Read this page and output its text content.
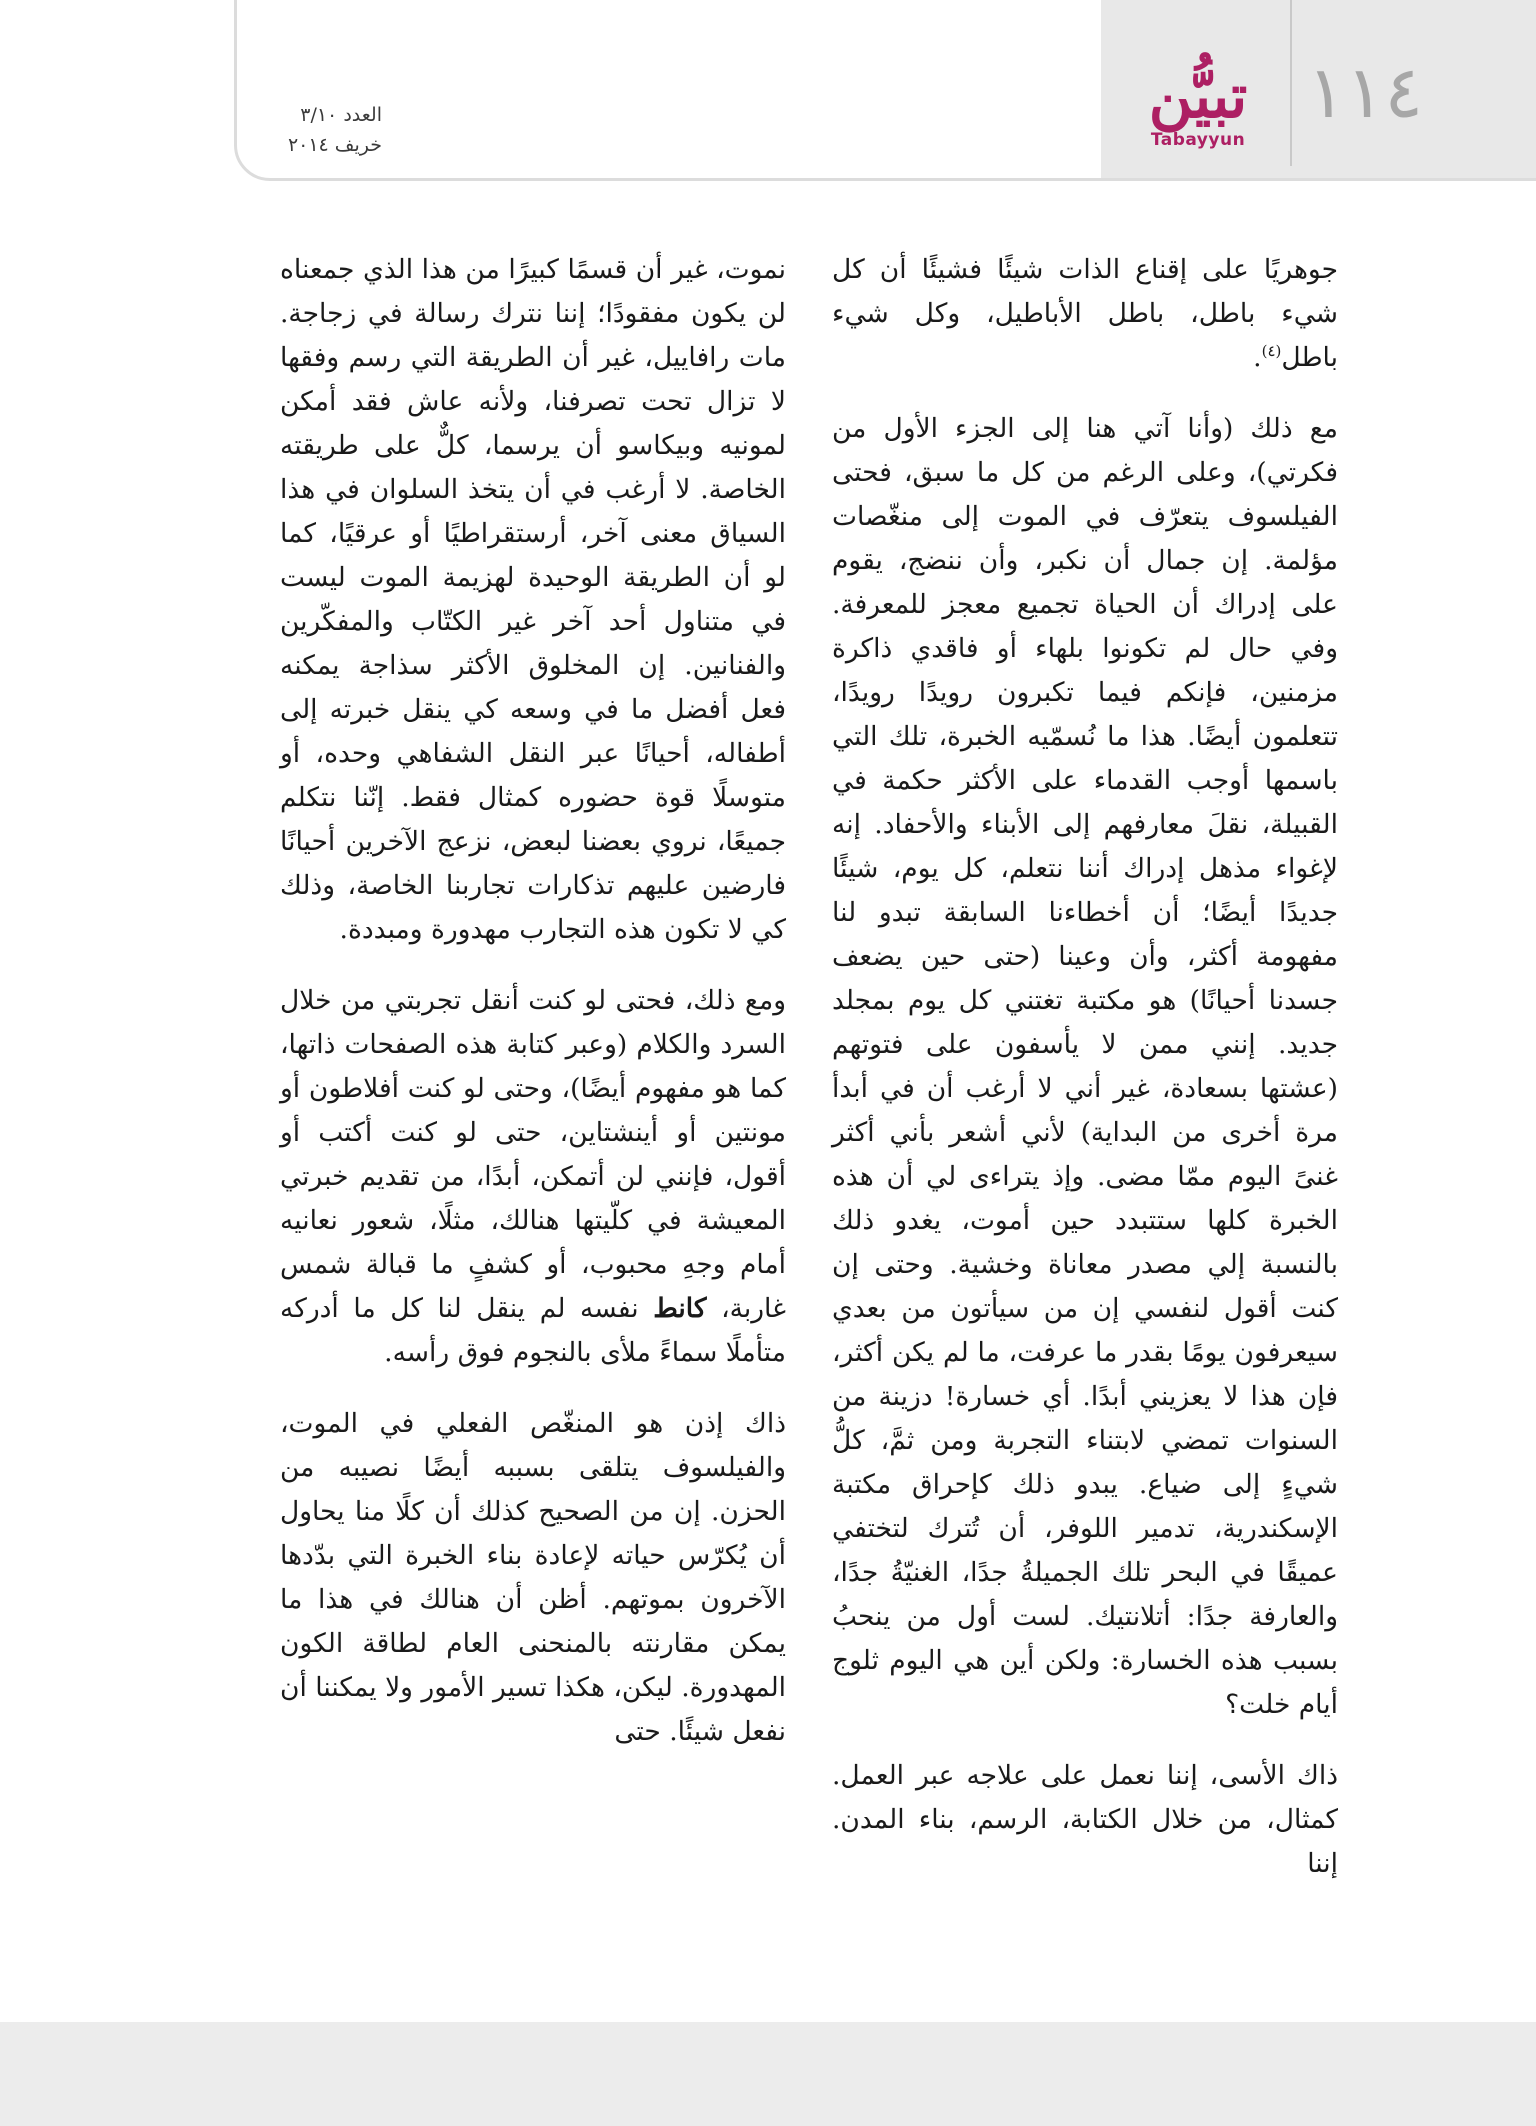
١١٤
تبيُّن
Tabayyun
العدد ٣/١٠
خريف ٢٠١٤

جوهريًا على إقناع الذات شيئًا فشيئًا أن كل شيء باطل، باطل الأباطيل، وكل شيء باطل$^{(٤)}$.

مع ذلك (وأنا آتي هنا إلى الجزء الأول من فكرتي)، وعلى الرغم من كل ما سبق، فحتى الفيلسوف يتعرّف في الموت إلى منغّصات مؤلمة. إن جمال أن نكبر، وأن ننضج، يقوم على إدراك أن الحياة تجميع معجز للمعرفة. وفي حال لم تكونوا بلهاء أو فاقدي ذاكرة مزمنين، فإنكم فيما تكبرون رويدًا رويدًا، تتعلمون أيضًا. هذا ما نُسمّيه الخبرة، تلك التي باسمها أوجب القدماء على الأكثر حكمة في القبيلة، نقلَ معارفهم إلى الأبناء والأحفاد. إنه لإغواء مذهل إدراك أننا نتعلم، كل يوم، شيئًا جديدًا أيضًا؛ أن أخطاءنا السابقة تبدو لنا مفهومة أكثر، وأن وعينا (حتى حين يضعف جسدنا أحيانًا) هو مكتبة تغتني كل يوم بمجلد جديد. إنني ممن لا يأسفون على فتوتهم (عشتها بسعادة، غير أني لا أرغب أن في أبدأ مرة أخرى من البداية) لأني أشعر بأني أكثر غنىً اليوم ممّا مضى. وإذ يتراءى لي أن هذه الخبرة كلها ستتبدد حين أموت، يغدو ذلك بالنسبة إلي مصدر معاناة وخشية. وحتى إن كنت أقول لنفسي إن من سيأتون من بعدي سيعرفون يومًا بقدر ما عرفت، ما لم يكن أكثر، فإن هذا لا يعزيني أبدًا. أي خسارة! دزينة من السنوات تمضي لابتناء التجربة ومن ثمَّ، كلُّ شيءٍ إلى ضياع. يبدو ذلك كإحراق مكتبة الإسكندرية، تدمير اللوفر، أن تُترك لتختفي عميقًا في البحر تلك الجميلةُ جدًا، الغنيّةُ جدًا، والعارفة جدًا: أتلانتيك. لست أول من ينحبُ بسبب هذه الخسارة: ولكن أين هي اليوم ثلوج أيام خلت؟

ذاك الأسى، إننا نعمل على علاجه عبر العمل. كمثال، من خلال الكتابة، الرسم، بناء المدن. إننا

نموت، غير أن قسمًا كبيرًا من هذا الذي جمعناه لن يكون مفقودًا؛ إننا نترك رسالة في زجاجة. مات رافاييل، غير أن الطريقة التي رسم وفقها لا تزال تحت تصرفنا، ولأنه عاش فقد أمكن لمونيه وبيكاسو أن يرسما، كلٌّ على طريقته الخاصة. لا أرغب في أن يتخذ السلوان في هذا السياق معنى آخر، أرستقراطيًا أو عرقيًا، كما لو أن الطريقة الوحيدة لهزيمة الموت ليست في متناول أحد آخر غير الكتّاب والمفكّرين والفنانين. إن المخلوق الأكثر سذاجة يمكنه فعل أفضل ما في وسعه كي ينقل خبرته إلى أطفاله، أحيانًا عبر النقل الشفاهي وحده، أو متوسلًا قوة حضوره كمثال فقط. إنّنا نتكلم جميعًا، نروي بعضنا لبعض، نزعج الآخرين أحيانًا فارضين عليهم تذكارات تجاربنا الخاصة، وذلك كي لا تكون هذه التجارب مهدورة ومبددة.

ومع ذلك، فحتى لو كنت أنقل تجربتي من خلال السرد والكلام (وعبر كتابة هذه الصفحات ذاتها، كما هو مفهوم أيضًا)، وحتى لو كنت أفلاطون أو مونتين أو أينشتاين، حتى لو كنت أكتب أو أقول، فإنني لن أتمكن، أبدًا، من تقديم خبرتي المعيشة في كلّيتها هنالك، مثلًا، شعور نعانيه أمام وجهِ محبوب، أو كشفٍ ما قبالة شمس غاربة، كانط نفسه لم ينقل لنا كل ما أدركه متأملًا سماءً ملأى بالنجوم فوق رأسه.

ذاك إذن هو المنغّص الفعلي في الموت، والفيلسوف يتلقى بسببه أيضًا نصيبه من الحزن. إن من الصحيح كذلك أن كلًا منا يحاول أن يُكرّس حياته لإعادة بناء الخبرة التي بدّدها الآخرون بموتهم. أظن أن هنالك في هذا ما يمكن مقارنته بالمنحنى العام لطاقة الكون المهدورة. ليكن، هكذا تسير الأمور ولا يمكننا أن نفعل شيئًا. حتى
